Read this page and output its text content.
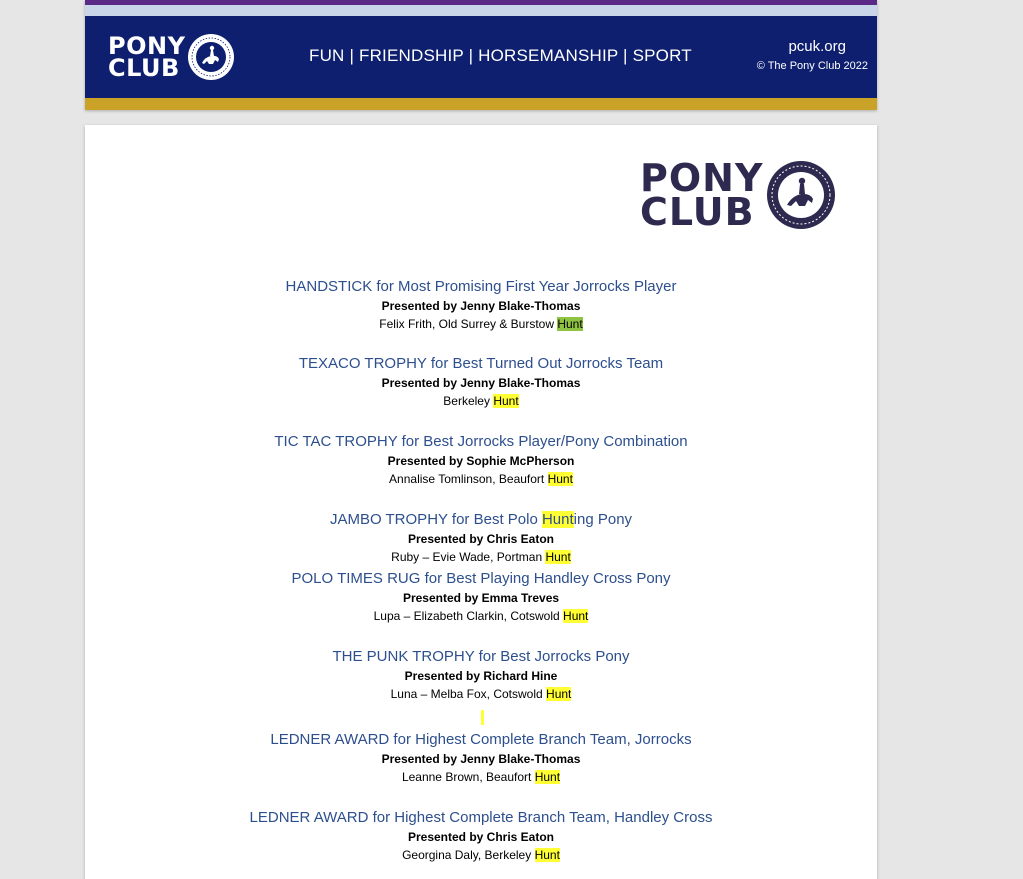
PONY
CLUB	FUN | FRIENDSHIP | HORSEMANSHIP | SPORT	pcuk.org
© The Pony Club 2022
PONY
CLUB
HANDSTICK for Most Promising First Year Jorrocks Player
Presented by Jenny Blake-Thomas
Felix Frith, Old Surrey & Burstow Hunt
TEXACO TROPHY for Best Turned Out Jorrocks Team
Presented by Jenny Blake-Thomas
Berkeley Hunt
TIC TAC TROPHY for Best Jorrocks Player/Pony Combination
Presented by Sophie McPherson
Annalise Tomlinson, Beaufort Hunt
JAMBO TROPHY for Best Polo Hunting Pony
Presented by Chris Eaton
Ruby – Evie Wade, Portman Hunt
POLO TIMES RUG for Best Playing Handley Cross Pony
Presented by Emma Treves
Lupa – Elizabeth Clarkin, Cotswold Hunt
THE PUNK TROPHY for Best Jorrocks Pony
Presented by Richard Hine
Luna – Melba Fox, Cotswold Hunt
LEDNER AWARD for Highest Complete Branch Team, Jorrocks
Presented by Jenny Blake-Thomas
Leanne Brown, Beaufort Hunt
LEDNER AWARD for Highest Complete Branch Team, Handley Cross
Presented by Chris Eaton
Georgina Daly, Berkeley Hunt
